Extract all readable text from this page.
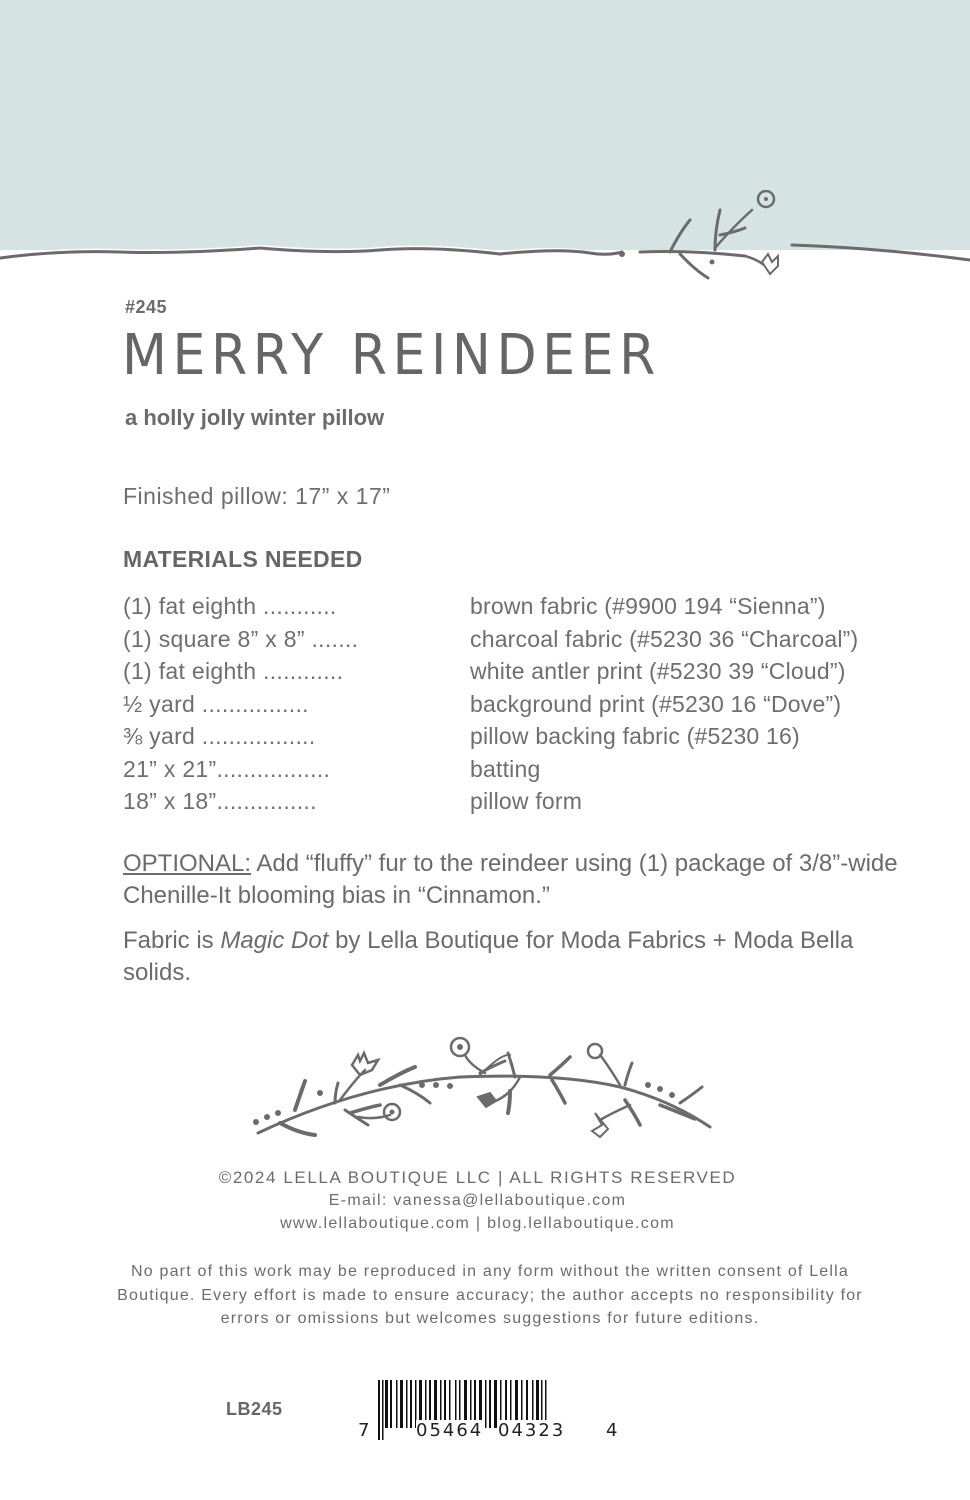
#245
MERRY REINDEER
a holly jolly winter pillow
Finished pillow: 17” x 17”
MATERIALS NEEDED
(1) fat eighth ...........	brown fabric (#9900 194 “Sienna”)
(1) square 8” x 8” .......	charcoal fabric (#5230 36 “Charcoal”)
(1) fat eighth ............	white antler print (#5230 39 “Cloud”)
½ yard ................	background print (#5230 16 “Dove”)
⅜ yard .................	pillow backing fabric (#5230 16)
21” x 21”.................	batting
18” x 18”...............	pillow form
OPTIONAL: Add “fluffy” fur to the reindeer using (1) package of 3/8”-wide Chenille-It blooming bias in “Cinnamon.”
Fabric is Magic Dot by Lella Boutique for Moda Fabrics + Moda Bella solids.
©2024 LELLA BOUTIQUE LLC | ALL RIGHTS RESERVED
E-mail: vanessa@lellaboutique.com
www.lellaboutique.com | blog.lellaboutique.com
No part of this work may be reproduced in any form without the written consent of Lella Boutique. Every effort is made to ensure accuracy; the author accepts no responsibility for errors or omissions but welcomes suggestions for future editions.
LB245
7 05464 04323 4
